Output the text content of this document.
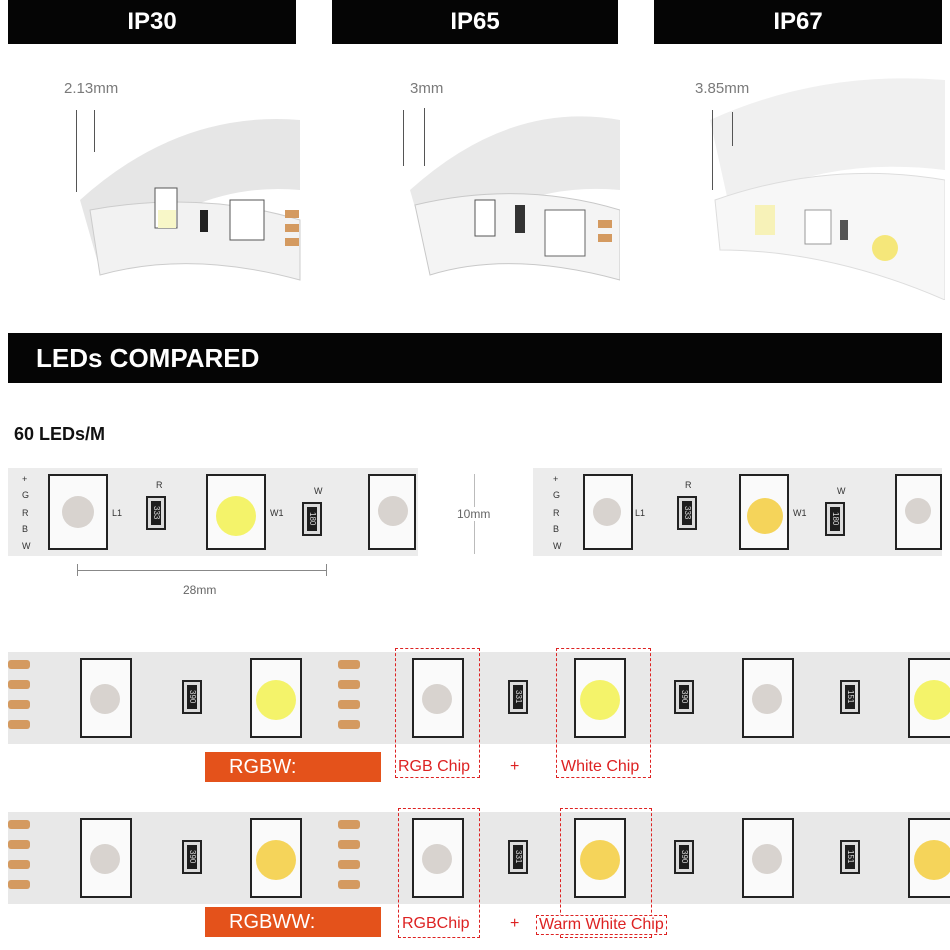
IP30	IP65	IP67
2.13mm	3mm	3.85mm
LEDs COMPARED
60 LEDs/M
+
G
R
B
W
L1
R
333	W1
W
180
28mm
10mm
+
G
R
B
W
L1
R
333	W1
W
180
390	331	390	151
RGBW:	RGB Chip +	White Chip
390	331	390	151
RGBWW:	RGBChip	+ Warm White Chip
